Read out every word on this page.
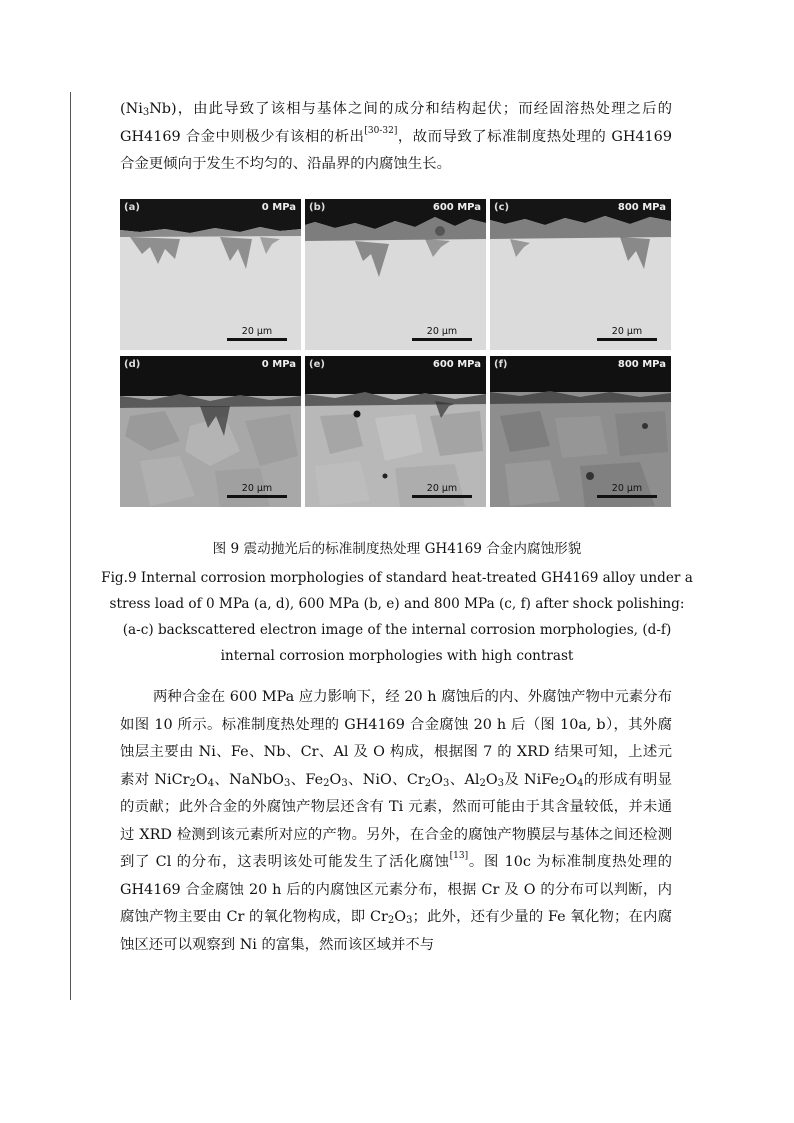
$(Ni_3Nb)$，由此导致了该相与基体之间的成分和结构起伏；而经固溶热处理之后的 GH4169 合金中则极少有该相的析出[30-32]，故而导致了标准制度热处理的 GH4169 合金更倾向于发生不均匀的、沿晶界的内腐蚀生长。
(a)	0 MPa
20 μm
(b)	600 MPa
20 μm
(c)	800 MPa
20 μm
(d)	0 MPa
20 μm
(e)	600 MPa
20 μm
(f)	800 MPa
20 μm
图 9 震动抛光后的标准制度热处理 GH4169 合金内腐蚀形貌
Fig.9 Internal corrosion morphologies of standard heat-treated GH4169 alloy under a stress load of 0 MPa (a, d), 600 MPa (b, e) and 800 MPa (c, f) after shock polishing: (a-c) backscattered electron image of the internal corrosion morphologies, (d-f) internal corrosion morphologies with high contrast
两种合金在 600 MPa 应力影响下，经 20 h 腐蚀后的内、外腐蚀产物中元素分布如图 10 所示。标准制度热处理的 GH4169 合金腐蚀 20 h 后（图 10a, b），其外腐蚀层主要由 Ni、Fe、Nb、Cr、Al 及 O 构成，根据图 7 的 XRD 结果可知，上述元素对 $NiCr_2O_4$、NaNbO$_3$、$Fe_2O_3$、NiO、$Cr_2O_3$、$Al_2O_3$及 $NiFe_2O_4$的形成有明显的贡献；此外合金的外腐蚀产物层还含有 Ti 元素，然而可能由于其含量较低，并未通过 XRD 检测到该元素所对应的产物。另外，在合金的腐蚀产物膜层与基体之间还检测到了 Cl 的分布，这表明该处可能发生了活化腐蚀[13]。图 10c 为标准制度热处理的 GH4169 合金腐蚀 20 h 后的内腐蚀区元素分布，根据 Cr 及 O 的分布可以判断，内腐蚀产物主要由 Cr 的氧化物构成，即 $Cr_2O_3$；此外，还有少量的 Fe 氧化物；在内腐蚀区还可以观察到 Ni 的富集，然而该区域并不与
